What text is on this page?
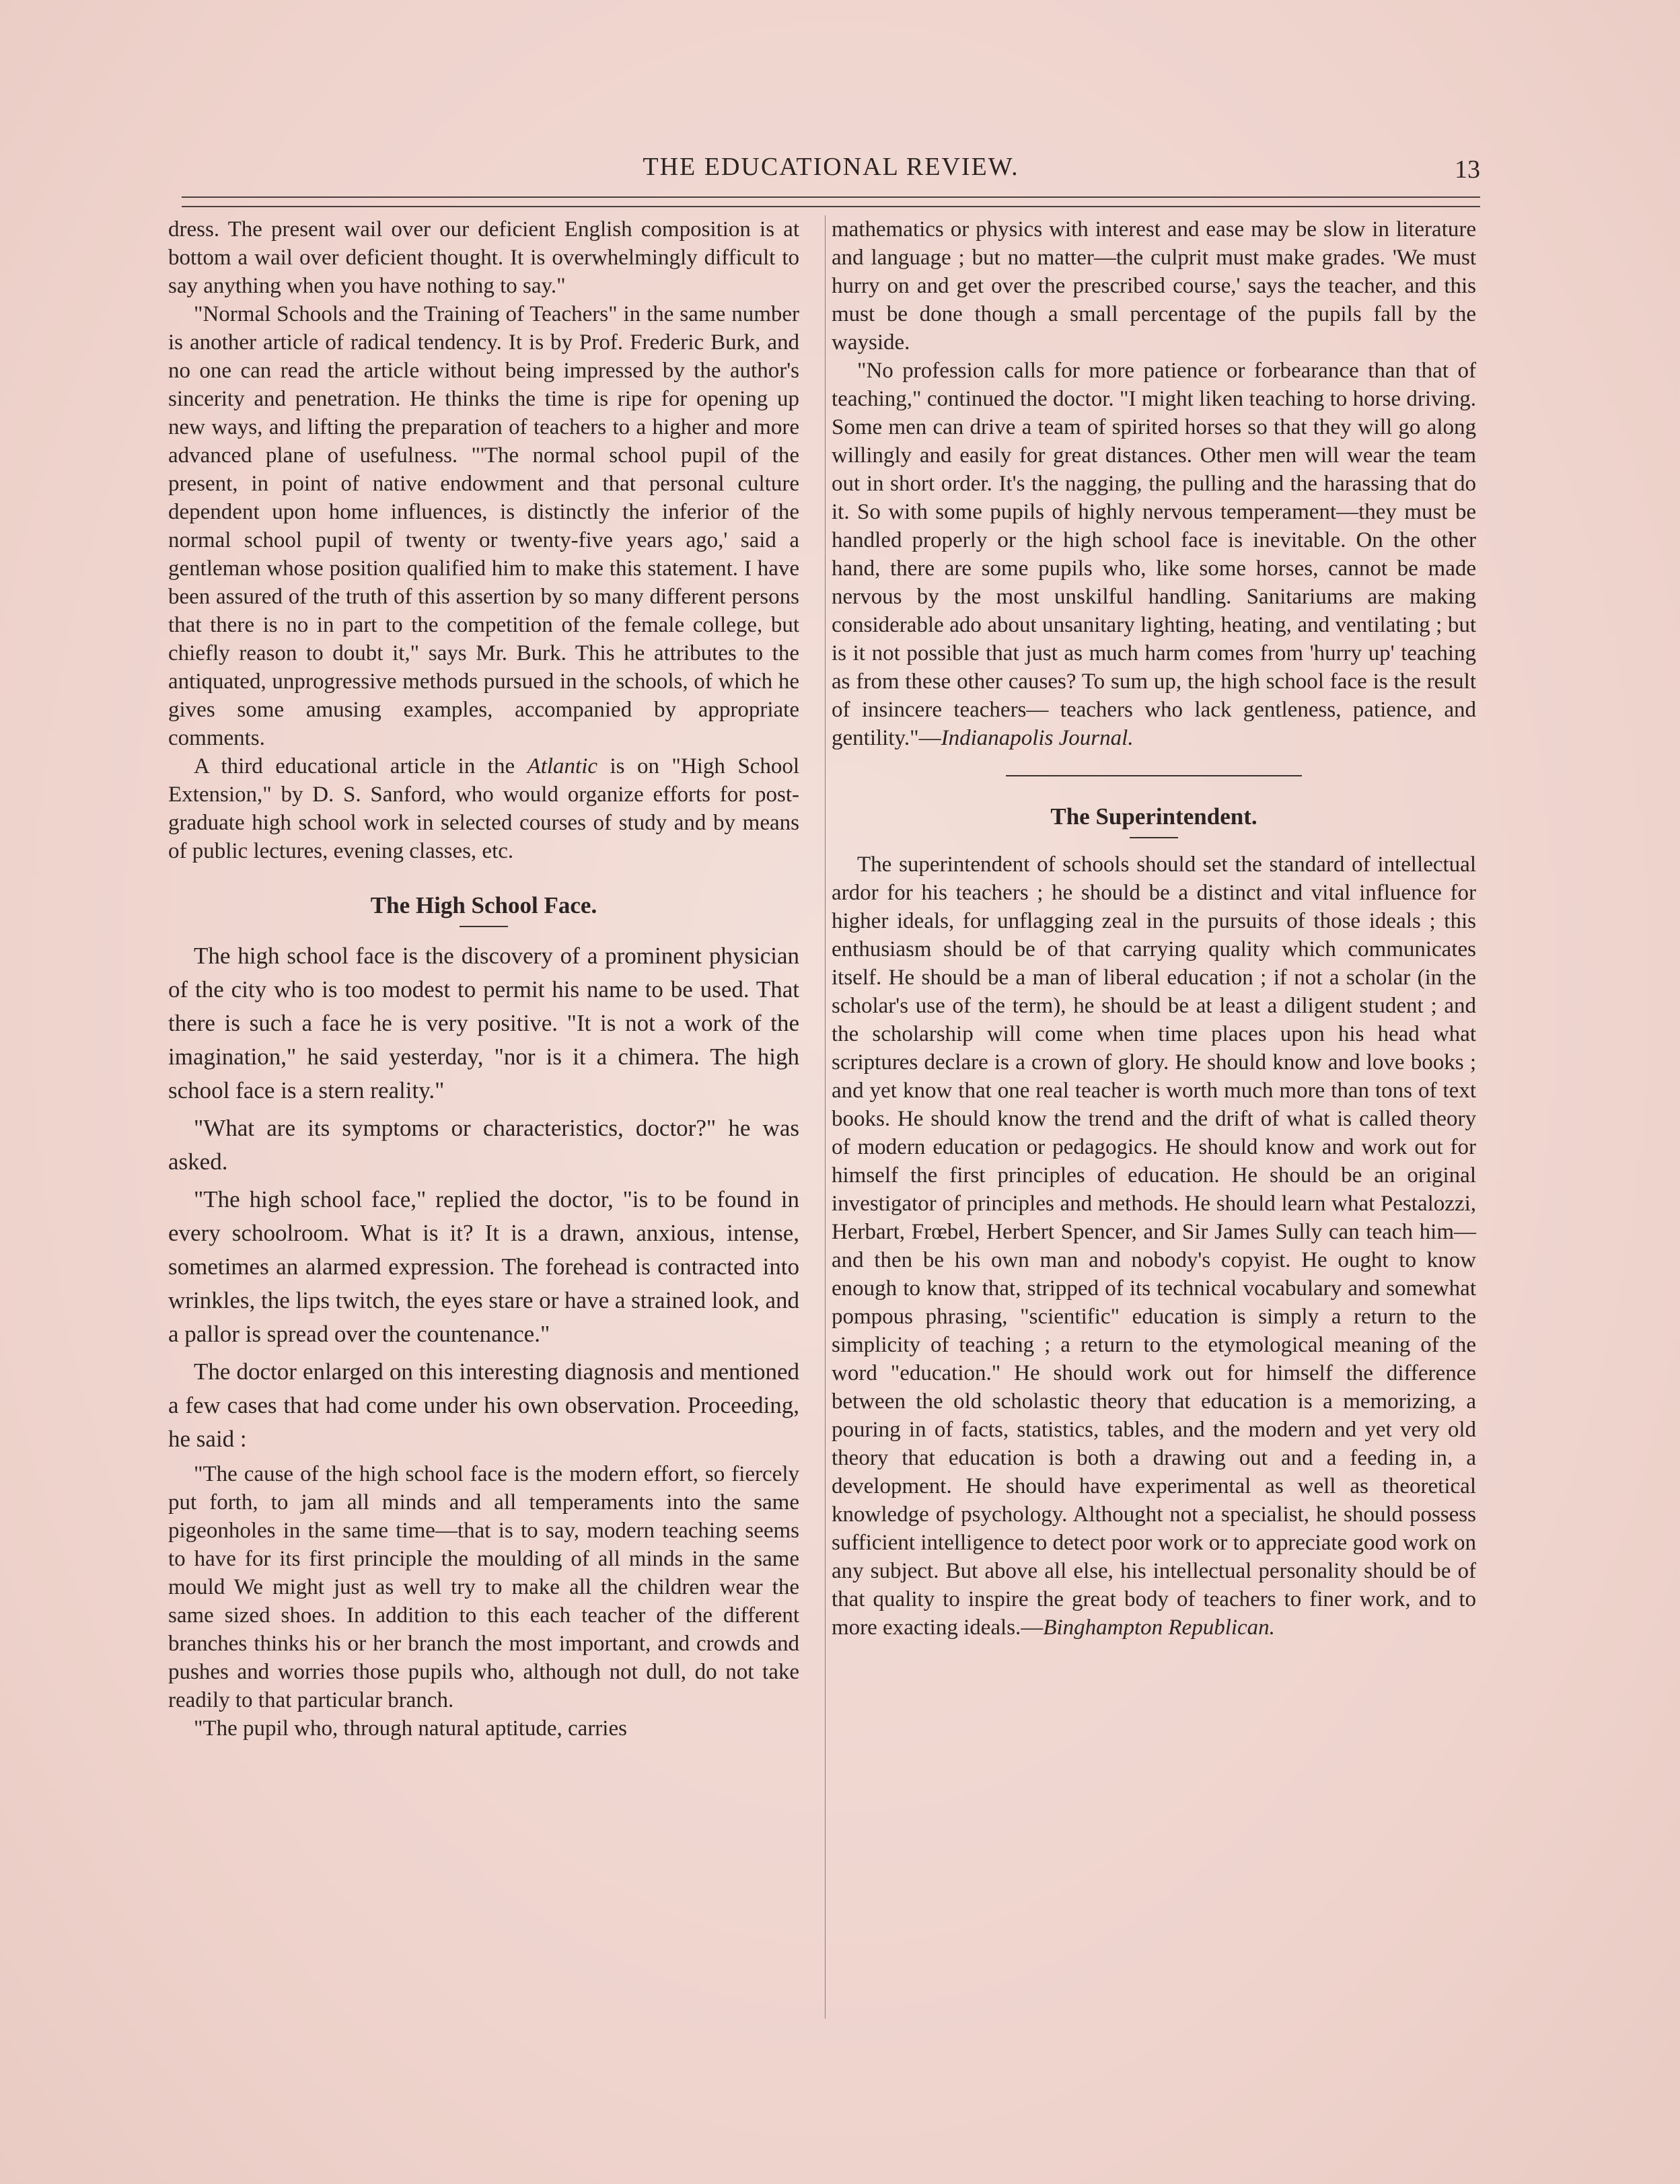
THE EDUCATIONAL REVIEW.	13

dress. The present wail over our deficient English composition is at bottom a wail over deficient thought. It is overwhelmingly difficult to say anything when you have nothing to say."

"Normal Schools and the Training of Teachers" in the same number is another article of radical tendency. It is by Prof. Frederic Burk, and no one can read the article without being impressed by the author's sincerity and penetration. He thinks the time is ripe for opening up new ways, and lifting the preparation of teachers to a higher and more advanced plane of usefulness. "'The normal school pupil of the present, in point of native endowment and that personal culture dependent upon home influences, is distinctly the inferior of the normal school pupil of twenty or twenty-five years ago,' said a gentleman whose position qualified him to make this statement. I have been assured of the truth of this assertion by so many different persons that there is no in part to the competition of the female college, but chiefly reason to doubt it," says Mr. Burk. This he attributes to the antiquated, unprogressive methods pursued in the schools, of which he gives some amusing examples, accompanied by appropriate comments.

A third educational article in the Atlantic is on "High School Extension," by D. S. Sanford, who would organize efforts for post-graduate high school work in selected courses of study and by means of public lectures, evening classes, etc.

The High School Face.

The high school face is the discovery of a prominent physician of the city who is too modest to permit his name to be used. That there is such a face he is very positive. "It is not a work of the imagination," he said yesterday, "nor is it a chimera. The high school face is a stern reality."

"What are its symptoms or characteristics, doctor?" he was asked.

"The high school face," replied the doctor, "is to be found in every schoolroom. What is it? It is a drawn, anxious, intense, sometimes an alarmed expression. The forehead is contracted into wrinkles, the lips twitch, the eyes stare or have a strained look, and a pallor is spread over the countenance."

The doctor enlarged on this interesting diagnosis and mentioned a few cases that had come under his own observation. Proceeding, he said :

"The cause of the high school face is the modern effort, so fiercely put forth, to jam all minds and all temperaments into the same pigeonholes in the same time—that is to say, modern teaching seems to have for its first principle the moulding of all minds in the same mould We might just as well try to make all the children wear the same sized shoes. In addition to this each teacher of the different branches thinks his or her branch the most important, and crowds and pushes and worries those pupils who, although not dull, do not take readily to that particular branch.

"The pupil who, through natural aptitude, carries

mathematics or physics with interest and ease may be slow in literature and language ; but no matter—the culprit must make grades. 'We must hurry on and get over the prescribed course,' says the teacher, and this must be done though a small percentage of the pupils fall by the wayside.

"No profession calls for more patience or forbearance than that of teaching," continued the doctor. "I might liken teaching to horse driving. Some men can drive a team of spirited horses so that they will go along willingly and easily for great distances. Other men will wear the team out in short order. It's the nagging, the pulling and the harassing that do it. So with some pupils of highly nervous temperament—they must be handled properly or the high school face is inevitable. On the other hand, there are some pupils who, like some horses, cannot be made nervous by the most unskilful handling. Sanitariums are making considerable ado about unsanitary lighting, heating, and ventilating ; but is it not possible that just as much harm comes from 'hurry up' teaching as from these other causes? To sum up, the high school face is the result of insincere teachers— teachers who lack gentleness, patience, and gentility."—Indianapolis Journal.

The Superintendent.

The superintendent of schools should set the standard of intellectual ardor for his teachers ; he should be a distinct and vital influence for higher ideals, for unflagging zeal in the pursuits of those ideals ; this enthusiasm should be of that carrying quality which communicates itself. He should be a man of liberal education ; if not a scholar (in the scholar's use of the term), he should be at least a diligent student ; and the scholarship will come when time places upon his head what scriptures declare is a crown of glory. He should know and love books ; and yet know that one real teacher is worth much more than tons of text books. He should know the trend and the drift of what is called theory of modern education or pedagogics. He should know and work out for himself the first principles of education. He should be an original investigator of principles and methods. He should learn what Pestalozzi, Herbart, Frœbel, Herbert Spencer, and Sir James Sully can teach him—and then be his own man and nobody's copyist. He ought to know enough to know that, stripped of its technical vocabulary and somewhat pompous phrasing, "scientific" education is simply a return to the simplicity of teaching ; a return to the etymological meaning of the word "education." He should work out for himself the difference between the old scholastic theory that education is a memorizing, a pouring in of facts, statistics, tables, and the modern and yet very old theory that education is both a drawing out and a feeding in, a development. He should have experimental as well as theoretical knowledge of psychology. Althought not a specialist, he should possess sufficient intelligence to detect poor work or to appreciate good work on any subject. But above all else, his intellectual personality should be of that quality to inspire the great body of teachers to finer work, and to more exacting ideals.—Binghampton Republican.
